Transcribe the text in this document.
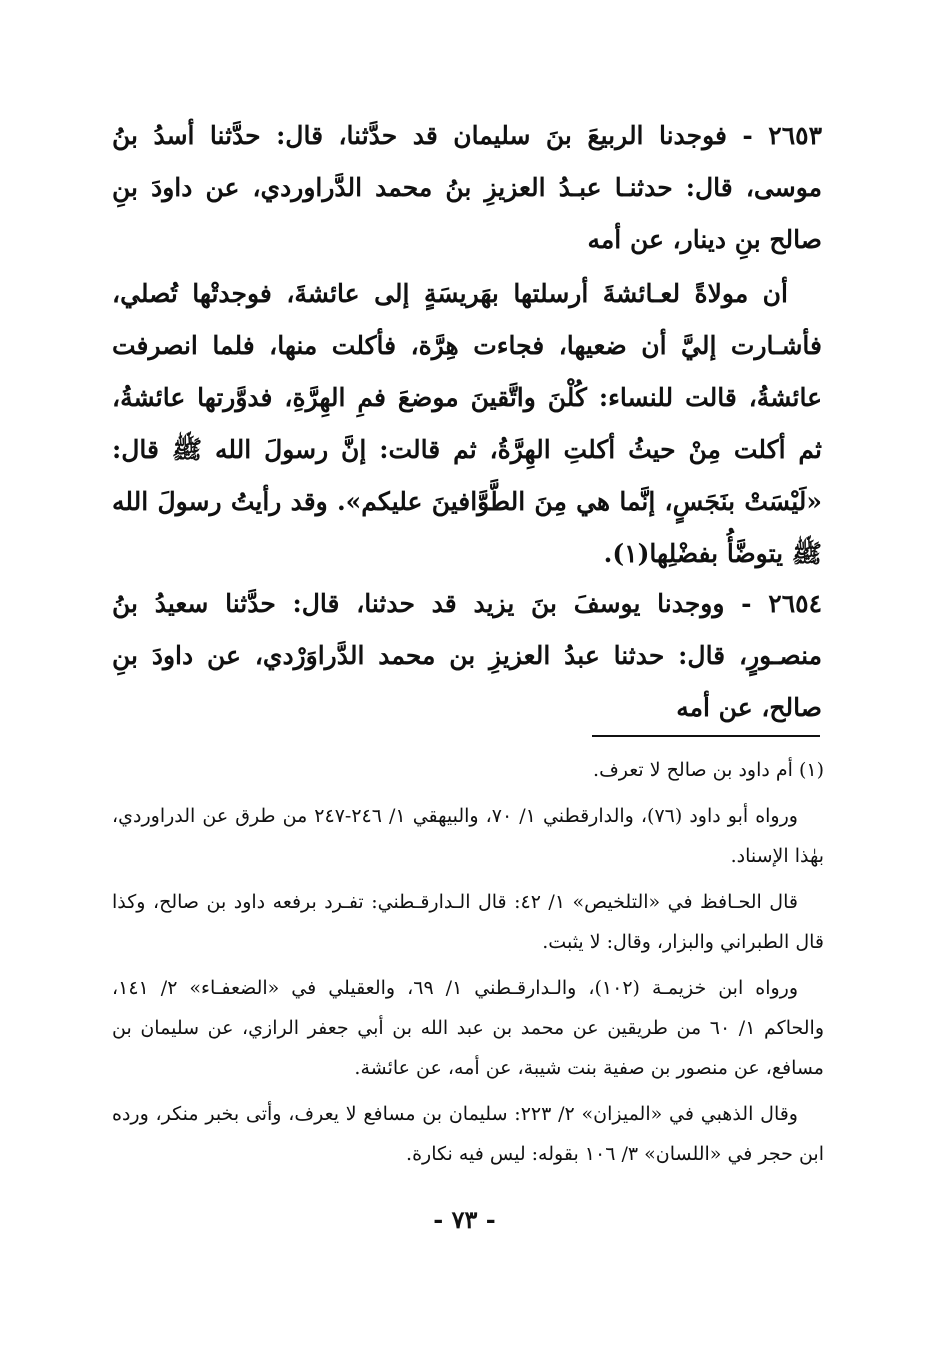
٢٦٥٣ - فوجدنا الربيعَ بنَ سليمان قد حدَّثنا، قال: حدَّثنا أسدُ بنُ موسى، قال: حدثنـا عبـدُ العزيزِ بنُ محمد الدَّراوردي، عن داودَ بنِ صالح بنِ دينار، عن أمه

أن مولاةً لعـائشةَ أرسلتها بهَريسَةٍ إلى عائشةَ، فوجدتْها تُصلي، فأشـارت إليَّ أن ضعيها، فجاءت هِرَّة، فأكلت منها، فلما انصرفت عائشةُ، قالت للنساء: كُلْنَ واتَّقينَ موضعَ فمِ الهِرَّةِ، فدوَّرتها عائشةُ، ثم أكلت مِنْ حيثُ أكلتِ الهِرَّةُ، ثم قالت: إنَّ رسولَ الله ﷺ قال: «لَيْسَتْ بنَجَسٍ، إنَّما هي مِنَ الطَّوَّافينَ عليكم». وقد رأيتُ رسولَ الله ﷺ يتوضَّأُ بفضْلِها(١).

٢٦٥٤ - ووجدنا يوسفَ بنَ يزيد قد حدثنا، قال: حدَّثنا سعيدُ بنُ منصـورٍ، قال: حدثنا عبدُ العزيزِ بن محمد الدَّراوَرْدي، عن داودَ بنِ صالح، عن أمه

(١) أم داود بن صالح لا تعرف.

ورواه أبو داود (٧٦)، والدارقطني ١/ ٧٠، والبيهقي ١/ ٢٤٦-٢٤٧ من طرق عن الدراوردي، بهٰذا الإسناد.

قال الحـافظ في «التلخيص» ١/ ٤٢: قال الـدارقـطني: تفـرد برفعه داود بن صالح، وكذا قال الطبراني والبزار، وقال: لا يثبت.

ورواه ابن خزيمـة (١٠٢)، والـدارقـطني ١/ ٦٩، والعقيلي في «الضعفـاء» ٢/ ١٤١، والحاكم ١/ ٦٠ من طريقين عن محمد بن عبد الله بن أبي جعفر الرازي، عن سليمان بن مسافع، عن منصور بن صفية بنت شيبة، عن أمه، عن عائشة.

وقال الذهبي في «الميزان» ٢/ ٢٢٣: سليمان بن مسافع لا يعرف، وأتى بخبر منكر، ورده ابن حجر في «اللسان» ٣/ ١٠٦ بقوله: ليس فيه نكارة.

- ٧٣ -
